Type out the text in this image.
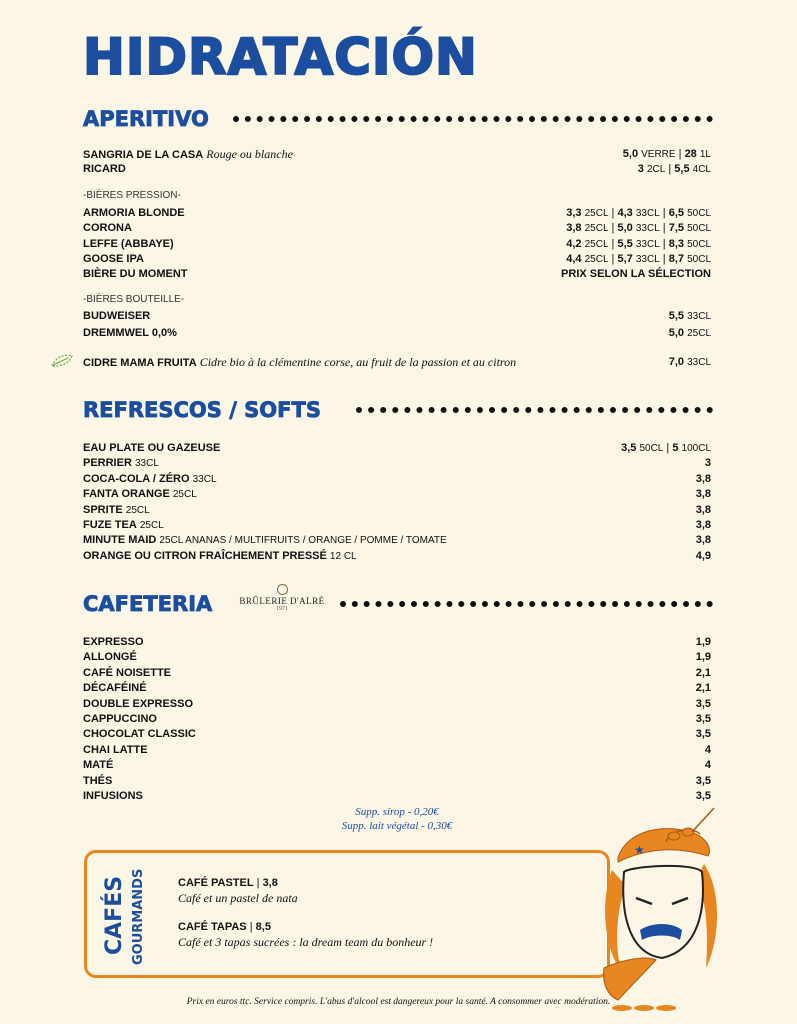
HIDRATACIÓN
APERITIVO
SANGRIA DE LA CASA Rouge ou blanche	5,0 VERRE | 28 1L
RICARD	3 2CL | 5,5 4CL
-BIÈRES PRESSION-
ARMORIA BLONDE	3,3 25CL | 4,3 33CL | 6,5 50CL
CORONA	3,8 25CL | 5,0 33CL | 7,5 50CL
LEFFE (ABBAYE)	4,2 25CL | 5,5 33CL | 8,3 50CL
GOOSE IPA	4,4 25CL | 5,7 33CL | 8,7 50CL
BIÈRE DU MOMENT	PRIX SELON LA SÉLECTION
-BIÈRES BOUTEILLE-
BUDWEISER	5,5 33CL
DREMMWEL 0,0%	5,0 25CL
CIDRE MAMA FRUITA Cidre bio à la clémentine corse, au fruit de la passion et au citron	7,0 33CL
REFRESCOS / SOFTS
EAU PLATE OU GAZEUSE	3,5 50CL | 5 100CL
PERRIER 33CL	3
COCA-COLA / ZÉRO 33CL	3,8
FANTA ORANGE 25CL	3,8
SPRITE 25CL	3,8
FUZE TEA 25CL	3,8
MINUTE MAID 25CL ANANAS / MULTIFRUITS / ORANGE / POMME / TOMATE	3,8
ORANGE OU CITRON FRAÎCHEMENT PRESSÉ 12 CL	4,9
CAFETERIA	BRÛLERIE D'ALRÉ
1971
EXPRESSO	1,9
ALLONGÉ	1,9
CAFÉ NOISETTE	2,1
DÉCAFÉINÉ	2,1
DOUBLE EXPRESSO	3,5
CAPPUCCINO	3,5
CHOCOLAT CLASSIC	3,5
CHAI LATTE	4
MATÉ	4
THÉS	3,5
INFUSIONS	3,5
Supp. sirop - 0,20€
Supp. lait végétal - 0,30€
CAFÉS GOURMANDS	CAFÉ PASTEL | 3,8
Café et un pastel de nata
CAFÉ TAPAS | 8,5
Café et 3 tapas sucrées : la dream team du bonheur !
★
Prix en euros ttc. Service compris. L'abus d'alcool est dangereux pour la santé. A consommer avec modération.
